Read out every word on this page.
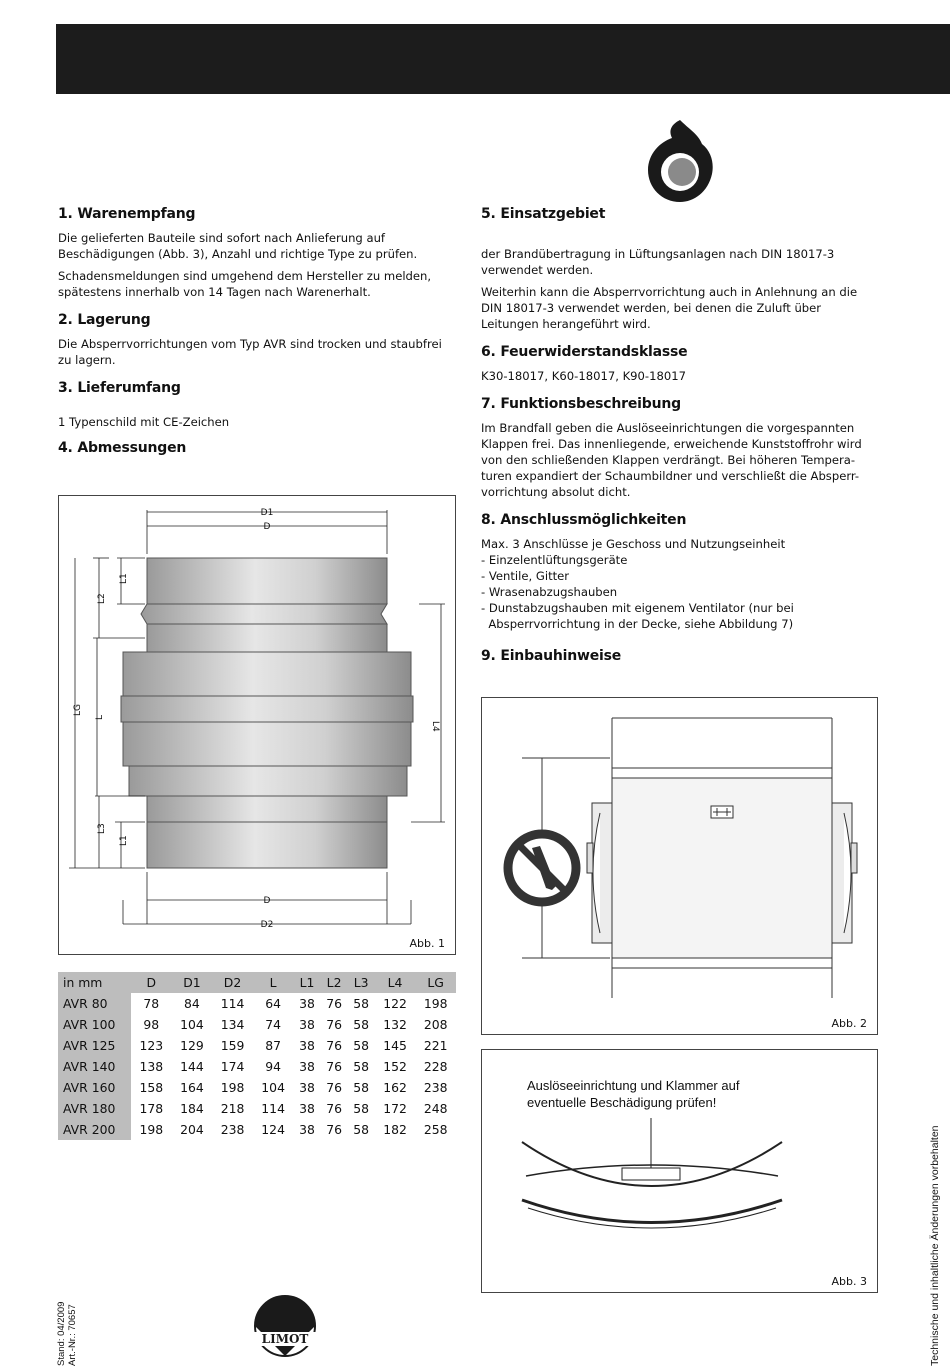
1. Warenempfang

Die gelieferten Bauteile sind sofort nach Anlieferung auf Beschädigungen (Abb. 3), Anzahl und richtige Type zu prüfen.

Schadensmeldungen sind umgehend dem Hersteller zu melden, spätestens innerhalb von 14 Tagen nach Warenerhalt.

2. Lagerung

Die Absperrvorrichtungen vom Typ AVR sind trocken und staubfrei zu lagern.

3. Lieferumfang

1 Typenschild mit CE-Zeichen

4. Abmessungen
D1
D
D
D2
L1
L2
LG
L
L4
L3
L1
Abb. 1
in mm	D	D1	D2	L	L1	L2	L3	L4	LG
AVR 80	78	84	114	64	38	76	58	122	198
AVR 100	98	104	134	74	38	76	58	132	208
AVR 125	123	129	159	87	38	76	58	145	221
AVR 140	138	144	174	94	38	76	58	152	228
AVR 160	158	164	198	104	38	76	58	162	238
AVR 180	178	184	218	114	38	76	58	172	248
AVR 200	198	204	238	124	38	76	58	182	258
5. Einsatzgebiet

der Brandübertragung in Lüftungsanlagen nach DIN 18017-3 verwendet werden.

Weiterhin kann die Absperrvorrichtung auch in Anlehnung an die DIN 18017-3 verwendet werden, bei denen die Zuluft über Leitungen herangeführt wird.

6. Feuerwiderstandsklasse

K30-18017, K60-18017, K90-18017

7. Funktionsbeschreibung

Im Brandfall geben die Auslöseeinrichtungen die vorgespannten Klappen frei. Das innenliegende, erweichende Kunststoffrohr wird von den schließenden Klappen verdrängt. Bei höheren Tempera- turen expandiert der Schaumbildner und verschließt die Absperr- vorrichtung absolut dicht.

8. Anschlussmöglichkeiten

Max. 3 Anschlüsse je Geschoss und Nutzungseinheit

- Einzelentlüftungsgeräte
- Ventile, Gitter
- Wrasenabzugshauben
- Dunstabzugshauben mit eigenem Ventilator (nur bei
Absperrvorrichtung in der Decke, siehe Abbildung 7)
9. Einbauhinweise
Abb. 2
Auslöseeinrichtung und Klammer auf
eventuelle Beschädigung prüfen!
Abb. 3
Stand: 04/2009 Art.-Nr.: 70657	LIMOT	Technische und inhaltliche Änderungen vorbehalten
